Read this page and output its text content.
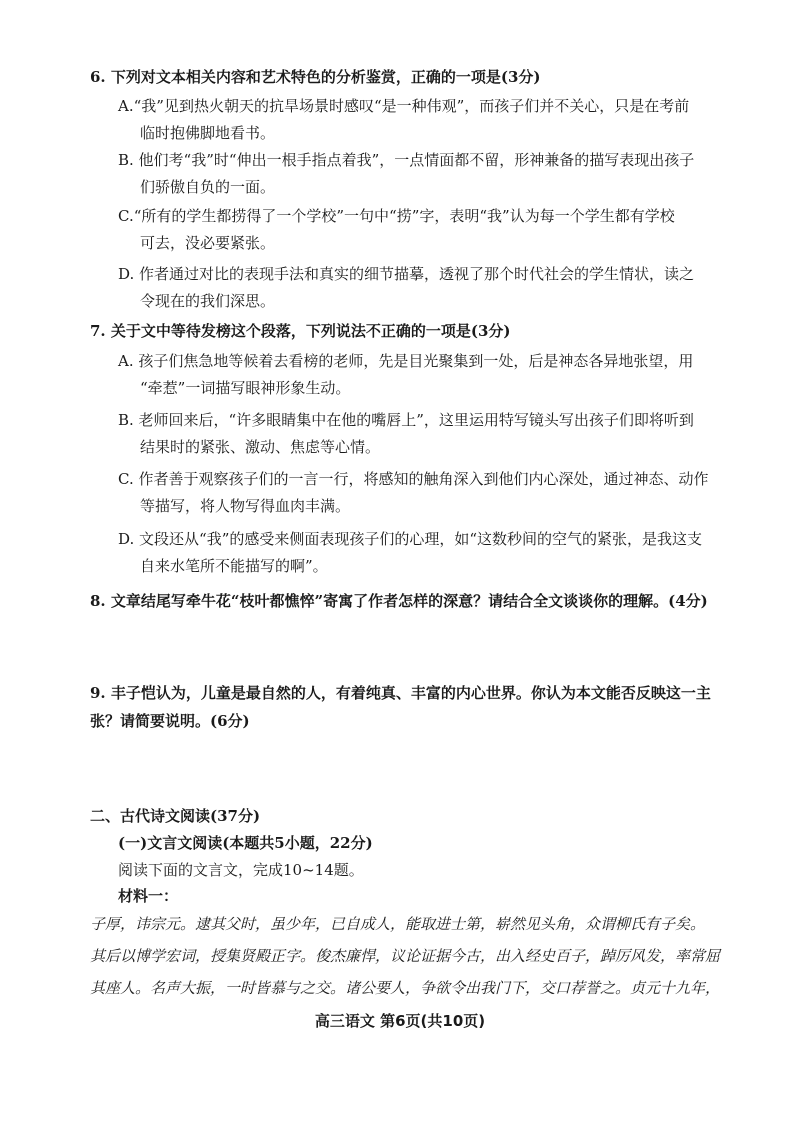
6. 下列对文本相关内容和艺术特色的分析鉴赏，正确的一项是(3分)
A.“我”见到热火朝天的抗旱场景时感叹“是一种伟观”，而孩子们并不关心，只是在考前
临时抱佛脚地看书。
B. 他们考“我”时“伸出一根手指点着我”，一点情面都不留，形神兼备的描写表现出孩子
们骄傲自负的一面。
C.“所有的学生都捞得了一个学校”一句中“捞”字，表明“我”认为每一个学生都有学校
可去，没必要紧张。
D. 作者通过对比的表现手法和真实的细节描摹，透视了那个时代社会的学生情状，读之
令现在的我们深思。
7. 关于文中等待发榜这个段落，下列说法不正确的一项是(3分)
A. 孩子们焦急地等候着去看榜的老师，先是目光聚集到一处，后是神态各异地张望，用
“牵惹”一词描写眼神形象生动。
B. 老师回来后，“许多眼睛集中在他的嘴唇上”，这里运用特写镜头写出孩子们即将听到
结果时的紧张、激动、焦虑等心情。
C. 作者善于观察孩子们的一言一行，将感知的触角深入到他们内心深处，通过神态、动作
等描写，将人物写得血肉丰满。
D. 文段还从“我”的感受来侧面表现孩子们的心理，如“这数秒间的空气的紧张，是我这支
自来水笔所不能描写的啊”。
8. 文章结尾写牵牛花“枝叶都憔悴”寄寓了作者怎样的深意？请结合全文谈谈你的理解。(4分)
9. 丰子恺认为，儿童是最自然的人，有着纯真、丰富的内心世界。你认为本文能否反映这一主
张？请简要说明。(6分)
二、古代诗文阅读(37分)
(一)文言文阅读(本题共5小题，22分)
阅读下面的文言文，完成10~14题。
材料一：
子厚，讳宗元。逮其父时，虽少年，已自成人，能取进士第，崭然见头角，众谓柳氏有子矣。
其后以博学宏词，授集贤殿正字。俊杰廉悍，议论证据今古，出入经史百子，踔厉风发，率常屈
其座人。名声大振，一时皆慕与之交。诸公要人，争欲令出我门下，交口荐誉之。贞元十九年，
高三语文 第6页(共10页)
